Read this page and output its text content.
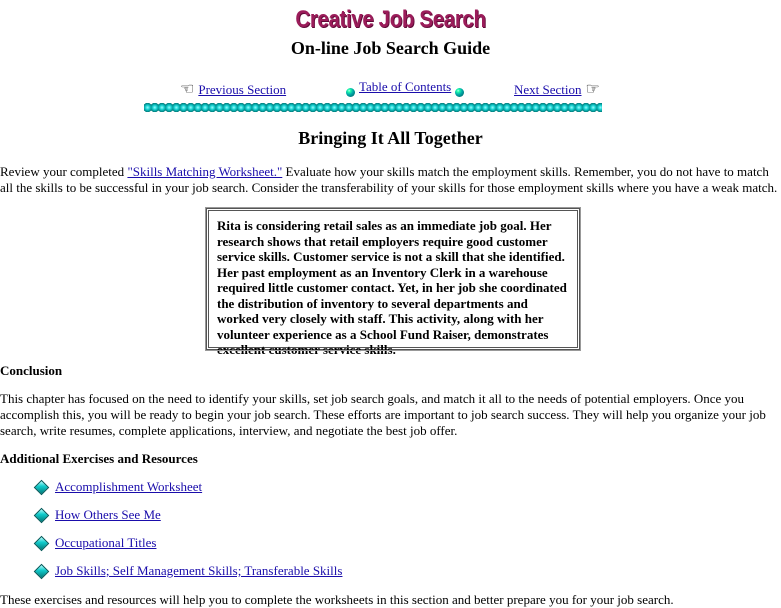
Creative Job Search
On-line Job Search Guide
☜ Previous Section	Table of Contents	Next Section ☞
Bringing It All Together
Review your completed "Skills Matching Worksheet." Evaluate how your skills match the employment skills. Remember, you do not have to match all the skills to be successful in your job search. Consider the transferability of your skills for those employment skills where you have a weak match.
Rita is considering retail sales as an immediate job goal. Her research shows that retail employers require good customer service skills. Customer service is not a skill that she identified. Her past employment as an Inventory Clerk in a warehouse required little customer contact. Yet, in her job she coordinated the distribution of inventory to several departments and worked very closely with staff. This activity, along with her volunteer experience as a School Fund Raiser, demonstrates excellent customer service skills.
Conclusion
This chapter has focused on the need to identify your skills, set job search goals, and match it all to the needs of potential employers. Once you accomplish this, you will be ready to begin your job search. These efforts are important to job search success. They will help you organize your job search, write resumes, complete applications, interview, and negotiate the best job offer.
Additional Exercises and Resources
Accomplishment Worksheet
How Others See Me
Occupational Titles
Job Skills; Self Management Skills; Transferable Skills
These exercises and resources will help you to complete the worksheets in this section and better prepare you for your job search.
